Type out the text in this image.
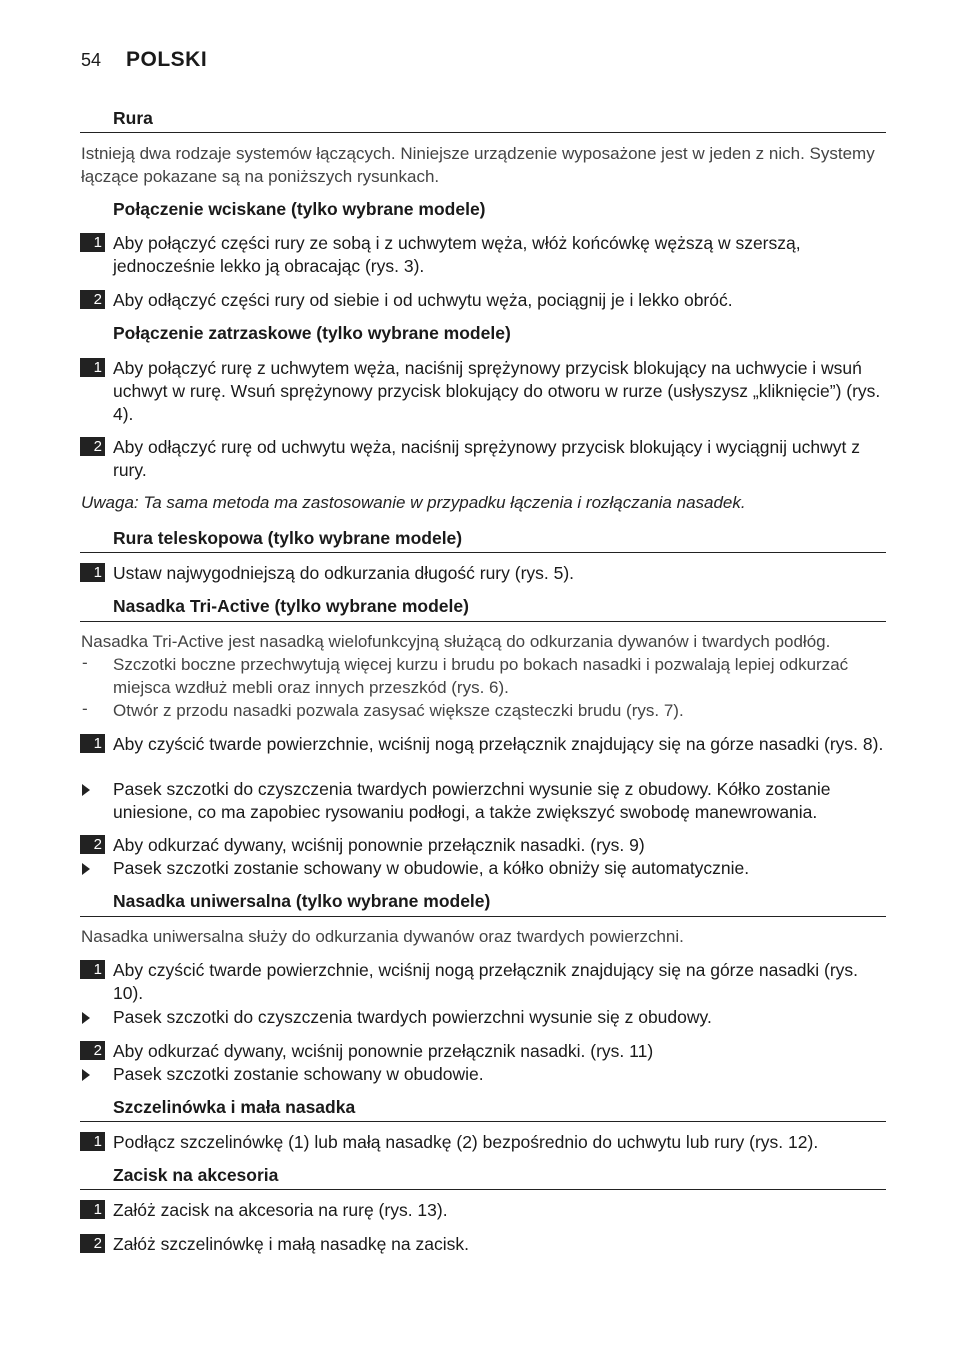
54 POLSKI
Rura
Istnieją dwa rodzaje systemów łączących. Niniejsze urządzenie wyposażone jest w jeden z nich. Systemy łączące pokazane są na poniższych rysunkach.
Połączenie wciskane (tylko wybrane modele)
1 Aby połączyć części rury ze sobą i z uchwytem węża, włóż końcówkę węższą w szerszą, jednocześnie lekko ją obracając (rys. 3).
2 Aby odłączyć części rury od siebie i od uchwytu węża, pociągnij je i lekko obróć.
Połączenie zatrzaskowe (tylko wybrane modele)
1 Aby połączyć rurę z uchwytem węża, naciśnij sprężynowy przycisk blokujący na uchwycie i wsuń uchwyt w rurę. Wsuń sprężynowy przycisk blokujący do otworu w rurze (usłyszysz „kliknięcie”) (rys. 4).
2 Aby odłączyć rurę od uchwytu węża, naciśnij sprężynowy przycisk blokujący i wyciągnij uchwyt z rury.
Uwaga: Ta sama metoda ma zastosowanie w przypadku łączenia i rozłączania nasadek.
Rura teleskopowa (tylko wybrane modele)
1 Ustaw najwygodniejszą do odkurzania długość rury (rys. 5).
Nasadka Tri-Active (tylko wybrane modele)
Nasadka Tri-Active jest nasadką wielofunkcyjną służącą do odkurzania dywanów i twardych podłóg.
- Szczotki boczne przechwytują więcej kurzu i brudu po bokach nasadki i pozwalają lepiej odkurzać miejsca wzdłuż mebli oraz innych przeszkód (rys. 6).
- Otwór z przodu nasadki pozwala zasysać większe cząsteczki brudu (rys. 7).
1 Aby czyścić twarde powierzchnie, wciśnij nogą przełącznik znajdujący się na górze nasadki (rys. 8).
Pasek szczotki do czyszczenia twardych powierzchni wysunie się z obudowy. Kółko zostanie uniesione, co ma zapobiec rysowaniu podłogi, a także zwiększyć swobodę manewrowania.
2 Aby odkurzać dywany, wciśnij ponownie przełącznik nasadki. (rys. 9)
Pasek szczotki zostanie schowany w obudowie, a kółko obniży się automatycznie.
Nasadka uniwersalna (tylko wybrane modele)
Nasadka uniwersalna służy do odkurzania dywanów oraz twardych powierzchni.
1 Aby czyścić twarde powierzchnie, wciśnij nogą przełącznik znajdujący się na górze nasadki (rys. 10).
Pasek szczotki do czyszczenia twardych powierzchni wysunie się z obudowy.
2 Aby odkurzać dywany, wciśnij ponownie przełącznik nasadki. (rys. 11)
Pasek szczotki zostanie schowany w obudowie.
Szczelinówka i mała nasadka
1 Podłącz szczelinówkę (1) lub małą nasadkę (2) bezpośrednio do uchwytu lub rury (rys. 12).
Zacisk na akcesoria
1 Załóż zacisk na akcesoria na rurę (rys. 13).
2 Załóż szczelinówkę i małą nasadkę na zacisk.
